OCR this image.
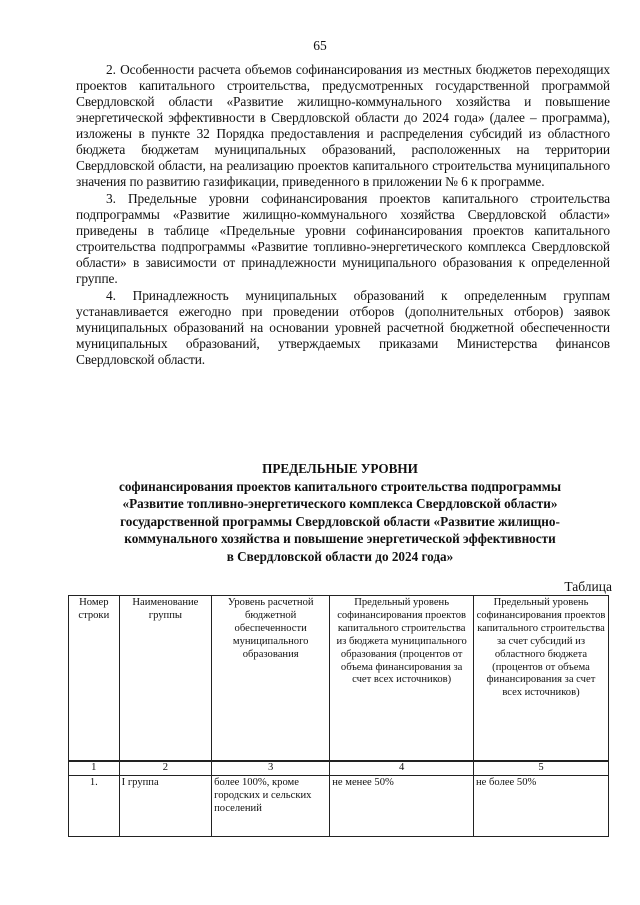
65

2. Особенности расчета объемов софинансирования из местных бюджетов переходящих проектов капитального строительства, предусмотренных государственной программой Свердловской области «Развитие жилищно-коммунального хозяйства и повышение энергетической эффективности в Свердловской области до 2024 года» (далее – программа), изложены в пункте 32 Порядка предоставления и распределения субсидий из областного бюджета бюджетам муниципальных образований, расположенных на территории Свердловской области, на реализацию проектов капитального строительства муниципального значения по развитию газификации, приведенного в приложении № 6 к программе.

3. Предельные уровни софинансирования проектов капитального строительства подпрограммы «Развитие жилищно-коммунального хозяйства Свердловской области» приведены в таблице «Предельные уровни софинансирования проектов капитального строительства подпрограммы «Развитие топливно-энергетического комплекса Свердловской области» в зависимости от принадлежности муниципального образования к определенной группе.

4. Принадлежность муниципальных образований к определенным группам устанавливается ежегодно при проведении отборов (дополнительных отборов) заявок муниципальных образований на основании уровней расчетной бюджетной обеспеченности муниципальных образований, утверждаемых приказами Министерства финансов Свердловской области.

ПРЕДЕЛЬНЫЕ УРОВНИ
софинансирования проектов капитального строительства подпрограммы
«Развитие топливно-энергетического комплекса Свердловской области»
государственной программы Свердловской области «Развитие жилищно-
коммунального хозяйства и повышение энергетической эффективности
в Свердловской области до 2024 года»
Таблица
Номер строки	Наименование группы	Уровень расчетной бюджетной обеспеченности муниципального образования	Предельный уровень софинансирования проектов капитального строительства из бюджета муниципального образования (процентов от объема финансирования за счет всех источников)	Предельный уровень софинансирования проектов капитального строительства за счет субсидий из областного бюджета (процентов от объема финансирования за счет всех источников)
1	2	3	4	5
1.	I группа	более 100%, кроме городских и сельских поселений	не менее 50%	не более 50%
